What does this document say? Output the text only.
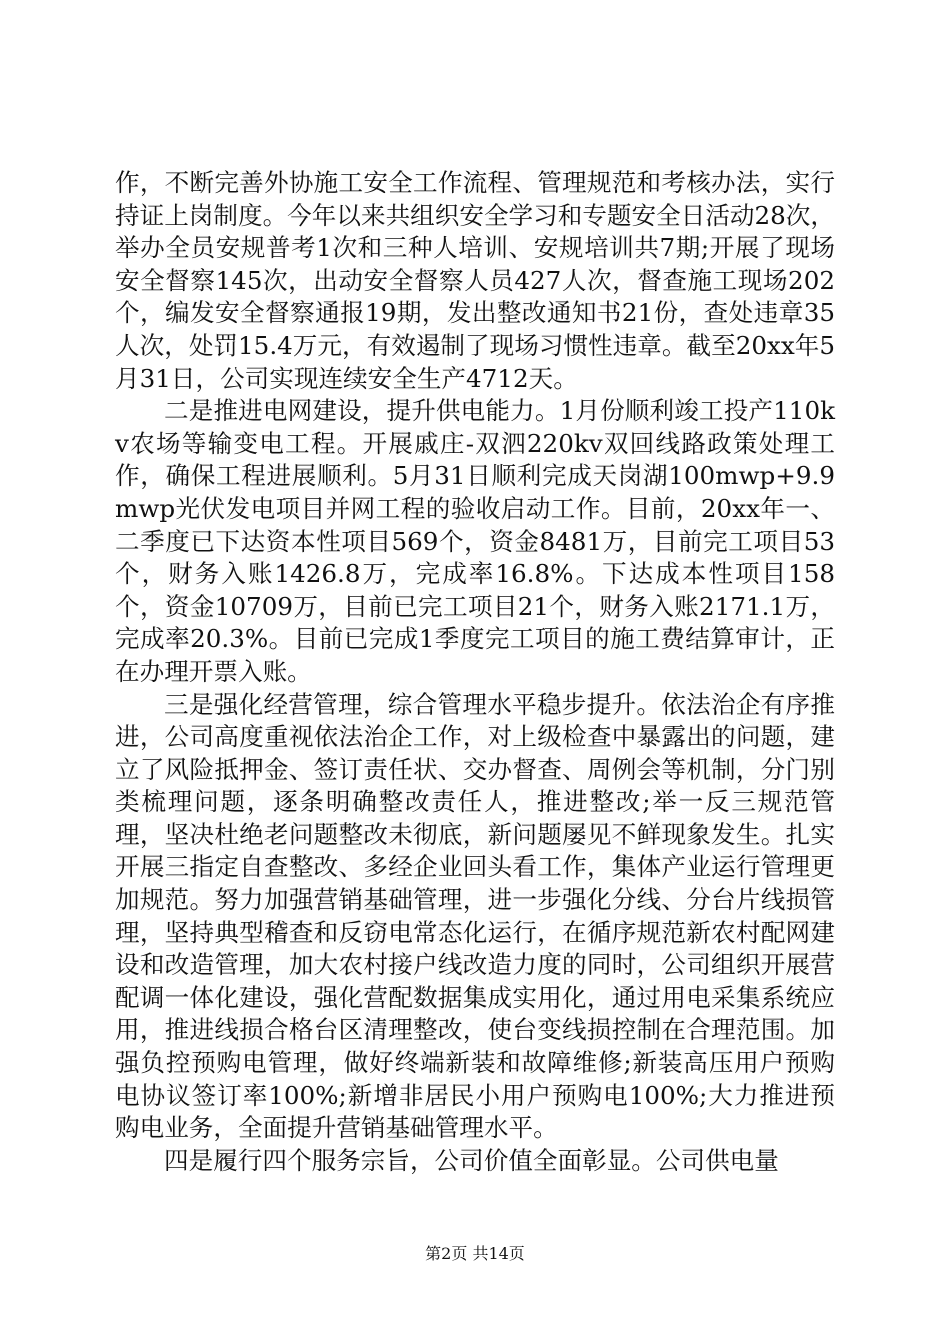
作，不断完善外协施工安全工作流程、管理规范和考核办法，实行持证上岗制度。今年以来共组织安全学习和专题安全日活动28次，举办全员安规普考1次和三种人培训、安规培训共7期;开展了现场安全督察145次，出动安全督察人员427人次，督查施工现场202个，编发安全督察通报19期，发出整改通知书21份，查处违章35人次，处罚15.4万元，有效遏制了现场习惯性违章。截至20xx年5月31日，公司实现连续安全生产4712天。

二是推进电网建设，提升供电能力。1月份顺利竣工投产110kv农场等输变电工程。开展戚庄-双泗220kv双回线路政策处理工作，确保工程进展顺利。5月31日顺利完成天岗湖100mwp+9.9mwp光伏发电项目并网工程的验收启动工作。目前，20xx年一、二季度已下达资本性项目569个，资金8481万，目前完工项目53个，财务入账1426.8万，完成率16.8%。下达成本性项目158个，资金10709万，目前已完工项目21个，财务入账2171.1万，完成率20.3%。目前已完成1季度完工项目的施工费结算审计，正在办理开票入账。

三是强化经营管理，综合管理水平稳步提升。依法治企有序推进，公司高度重视依法治企工作，对上级检查中暴露出的问题，建立了风险抵押金、签订责任状、交办督查、周例会等机制，分门别类梳理问题，逐条明确整改责任人，推进整改;举一反三规范管理，坚决杜绝老问题整改未彻底，新问题屡见不鲜现象发生。扎实开展三指定自查整改、多经企业回头看工作，集体产业运行管理更加规范。努力加强营销基础管理，进一步强化分线、分台片线损管理，坚持典型稽查和反窃电常态化运行，在循序规范新农村配网建设和改造管理，加大农村接户线改造力度的同时，公司组织开展营配调一体化建设，强化营配数据集成实用化，通过用电采集系统应用，推进线损合格台区清理整改，使台变线损控制在合理范围。加强负控预购电管理，做好终端新装和故障维修;新装高压用户预购电协议签订率100%;新增非居民小用户预购电100%;大力推进预购电业务，全面提升营销基础管理水平。

四是履行四个服务宗旨，公司价值全面彰显。公司供电量

第2页 共14页
